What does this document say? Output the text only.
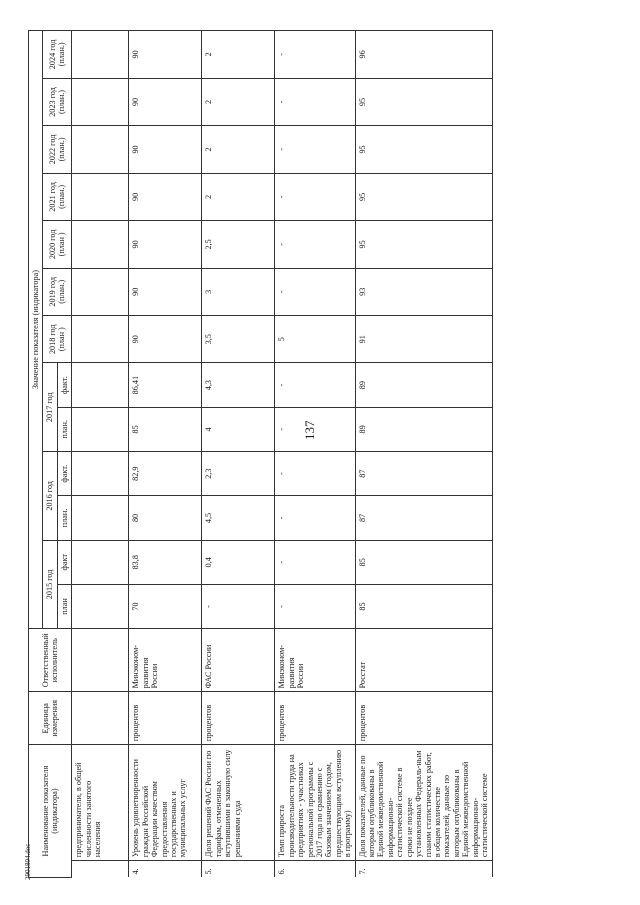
137
2901804.doc
Наименование показателя (индикатора)		Единица измерения	Ответственный исполнитель	Значение показателя (индикатора)												
				2015 год		2016 год		2017 год		2018 год (план )	2019 год (план.)	2020 год (план )	2021 год (план.)	2022 год (план.)	2023 год (план.)	2024 год (план.)
				план	факт	план.	факт.	план.	факт.							
	предприниматели, в общей численности занятого населения															
4.	Уровень удовлетворенности граждан Российской Федерации качеством предоставления государственных и муниципальных услуг	процентов	Минэконом-развития России	70	83,8	80	82,9	85	86,41	90	90	90	90	90	90	90
5.	Доля решений ФАС России по тарифам, отмененных вступившими в законную силу решениями суда	процентов	ФАС России	-	0,4	4,5	2,3	4	4,3	3,5	3	2,5	2	2	2	2
6.	Темп прироста производительности труда на предприятиях - участниках региональной программы с 2017 года по сравнению с базовым значением (годом, предшествующим вступлению в программу)	процентов	Минэконом-развития России	-	-	-	-	-	-	5	-	-	-	-	-	-
7.	Доля показателей, данные по которым опубликованы в Единой межведомственной информационно-статистической системе в сроки не позднее установленных Федераль-ным планом статистических работ, в общем количестве показателей, данные по которым опубликованы в Единой межведомственной информационно-статистической системе	процентов	Росстат	85	85	87	87	89	89	91	93	95	95	95	95	96
